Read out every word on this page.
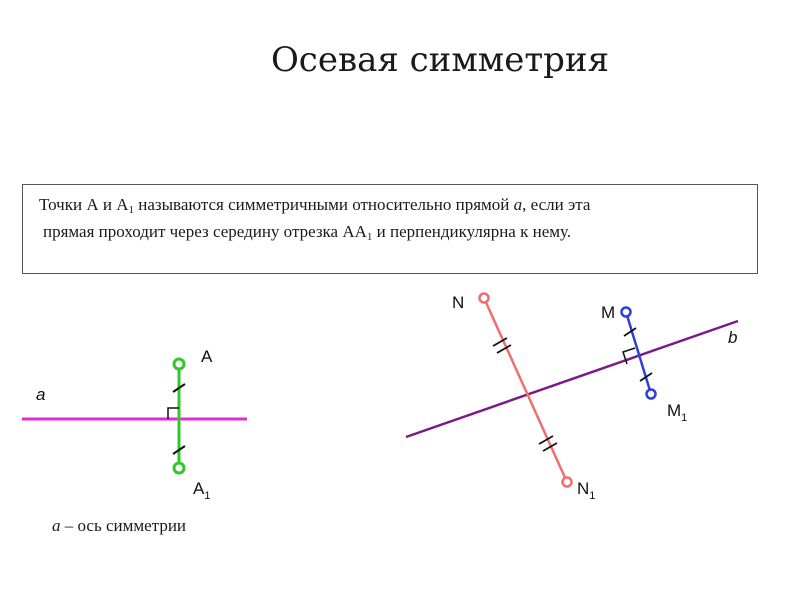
Осевая симметрия
Точки А и $А_1$ называются симметричными относительно прямой a, если эта
прямая проходит через середину отрезка $АА_1$ и перпендикулярна к нему.
a
A
$A_1$
N
$N_1$
M
$M_1$
b
a – ось симметрии
